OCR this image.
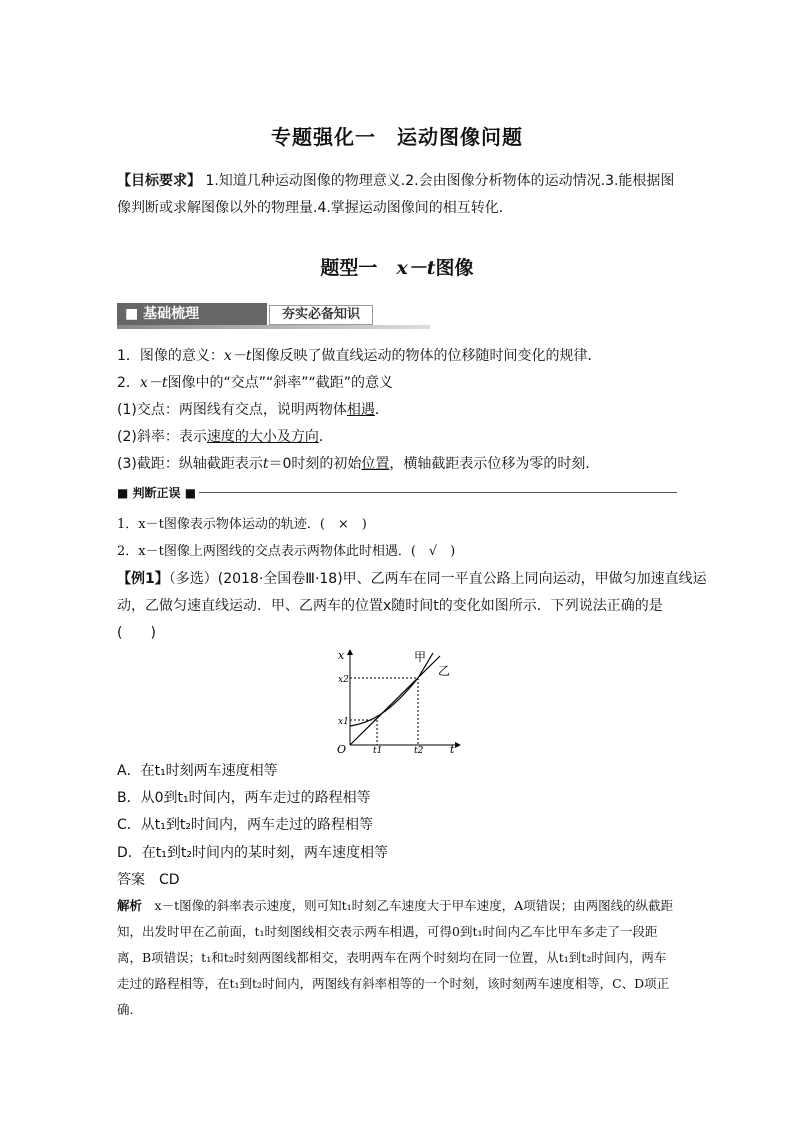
专题强化一　运动图像问题
【目标要求】 1.知道几种运动图像的物理意义.2.会由图像分析物体的运动情况.3.能根据图像判断或求解图像以外的物理量.4.掌握运动图像间的相互转化.
题型一　x－t图像
■ 基础梳理	夯实必备知识
1．图像的意义：x－t图像反映了做直线运动的物体的位移随时间变化的规律．
2．x－t图像中的“交点”“斜率”“截距”的意义
(1)交点：两图线有交点，说明两物体相遇．
(2)斜率：表示速度的大小及方向．
(3)截距：纵轴截距表示t＝0时刻的初始位置，横轴截距表示位移为零的时刻．
■ 判断正误 ■
1．x－t图像表示物体运动的轨迹．(　×　)
2．x－t图像上两图线的交点表示两物体此时相遇．(　√　)
【例1】（多选）(2018·全国卷Ⅲ·18)甲、乙两车在同一平直公路上同向运动，甲做匀加速直线运
动，乙做匀速直线运动．甲、乙两车的位置x随时间t的变化如图所示．下列说法正确的是
(　　)
O
x
t
t1	t2
x1
x2
甲
乙
A．在t₁时刻两车速度相等
B．从0到t₁时间内，两车走过的路程相等
C．从t₁到t₂时间内，两车走过的路程相等
D．在t₁到t₂时间内的某时刻，两车速度相等
答案　 CD
解析　 x－t图像的斜率表示速度，则可知t₁时刻乙车速度大于甲车速度，A项错误；由两图线的纵截距知，出发时甲在乙前面，t₁时刻图线相交表示两车相遇，可得0到t₁时间内乙车比甲车多走了一段距离，B项错误；t₁和t₂时刻两图线都相交，表明两车在两个时刻均在同一位置，从t₁到t₂时间内，两车走过的路程相等，在t₁到t₂时间内，两图线有斜率相等的一个时刻，该时刻两车速度相等，C、D项正确.
